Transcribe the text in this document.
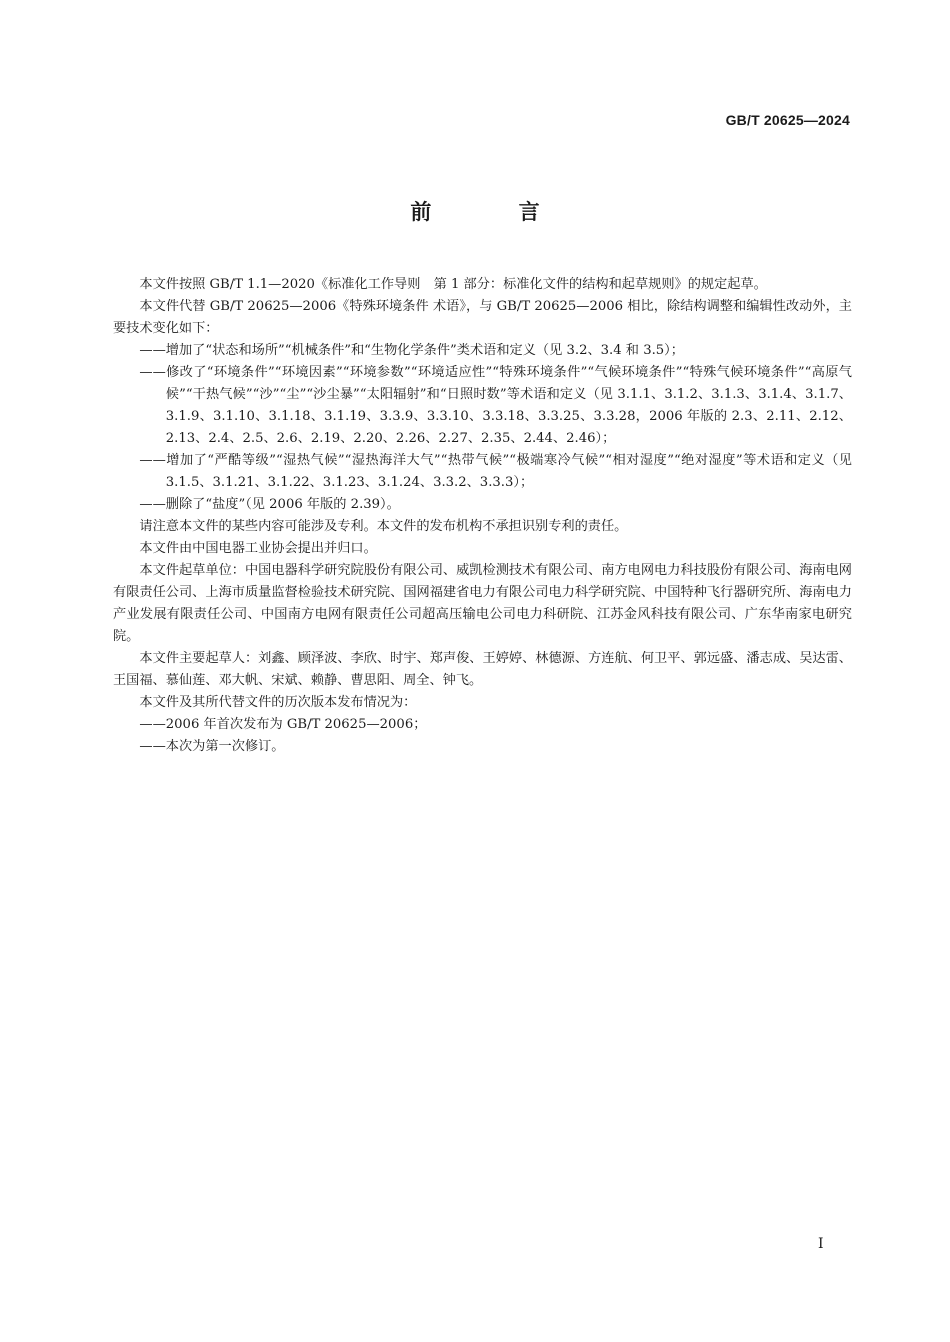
GB/T 20625—2024
前 言

本文件按照 GB/T 1.1—2020《标准化工作导则　第 1 部分：标准化文件的结构和起草规则》的规定起草。

本文件代替 GB/T 20625—2006《特殊环境条件 术语》，与 GB/T 20625—2006 相比，除结构调整和编辑性改动外，主要技术变化如下：

——增加了“状态和场所”“机械条件”和“生物化学条件”类术语和定义（见 3.2、3.4 和 3.5）；

——修改了“环境条件”“环境因素”“环境参数”“环境适应性”“特殊环境条件”“气候环境条件”“特殊气候环境条件”“高原气候”“干热气候”“沙”“尘”“沙尘暴”“太阳辐射”和“日照时数”等术语和定义（见 3.1.1、3.1.2、3.1.3、3.1.4、3.1.7、3.1.9、3.1.10、3.1.18、3.1.19、3.3.9、3.3.10、3.3.18、3.3.25、3.3.28，2006 年版的 2.3、2.11、2.12、2.13、2.4、2.5、2.6、2.19、2.20、2.26、2.27、2.35、2.44、2.46）；

——增加了“严酷等级”“湿热气候”“湿热海洋大气”“热带气候”“极端寒冷气候”“相对湿度”“绝对湿度”等术语和定义（见 3.1.5、3.1.21、3.1.22、3.1.23、3.1.24、3.3.2、3.3.3）；

——删除了“盐度”（见 2006 年版的 2.39）。

请注意本文件的某些内容可能涉及专利。本文件的发布机构不承担识别专利的责任。

本文件由中国电器工业协会提出并归口。

本文件起草单位：中国电器科学研究院股份有限公司、威凯检测技术有限公司、南方电网电力科技股份有限公司、海南电网有限责任公司、上海市质量监督检验技术研究院、国网福建省电力有限公司电力科学研究院、中国特种飞行器研究所、海南电力产业发展有限责任公司、中国南方电网有限责任公司超高压输电公司电力科研院、江苏金风科技有限公司、广东华南家电研究院。

本文件主要起草人：刘鑫、顾泽波、李欣、时宇、郑声俊、王婷婷、林德源、方连航、何卫平、郭远盛、潘志成、吴达雷、王国福、慕仙莲、邓大帆、宋斌、赖静、曹思阳、周全、钟飞。

本文件及其所代替文件的历次版本发布情况为：

——2006 年首次发布为 GB/T 20625—2006；

——本次为第一次修订。

I
